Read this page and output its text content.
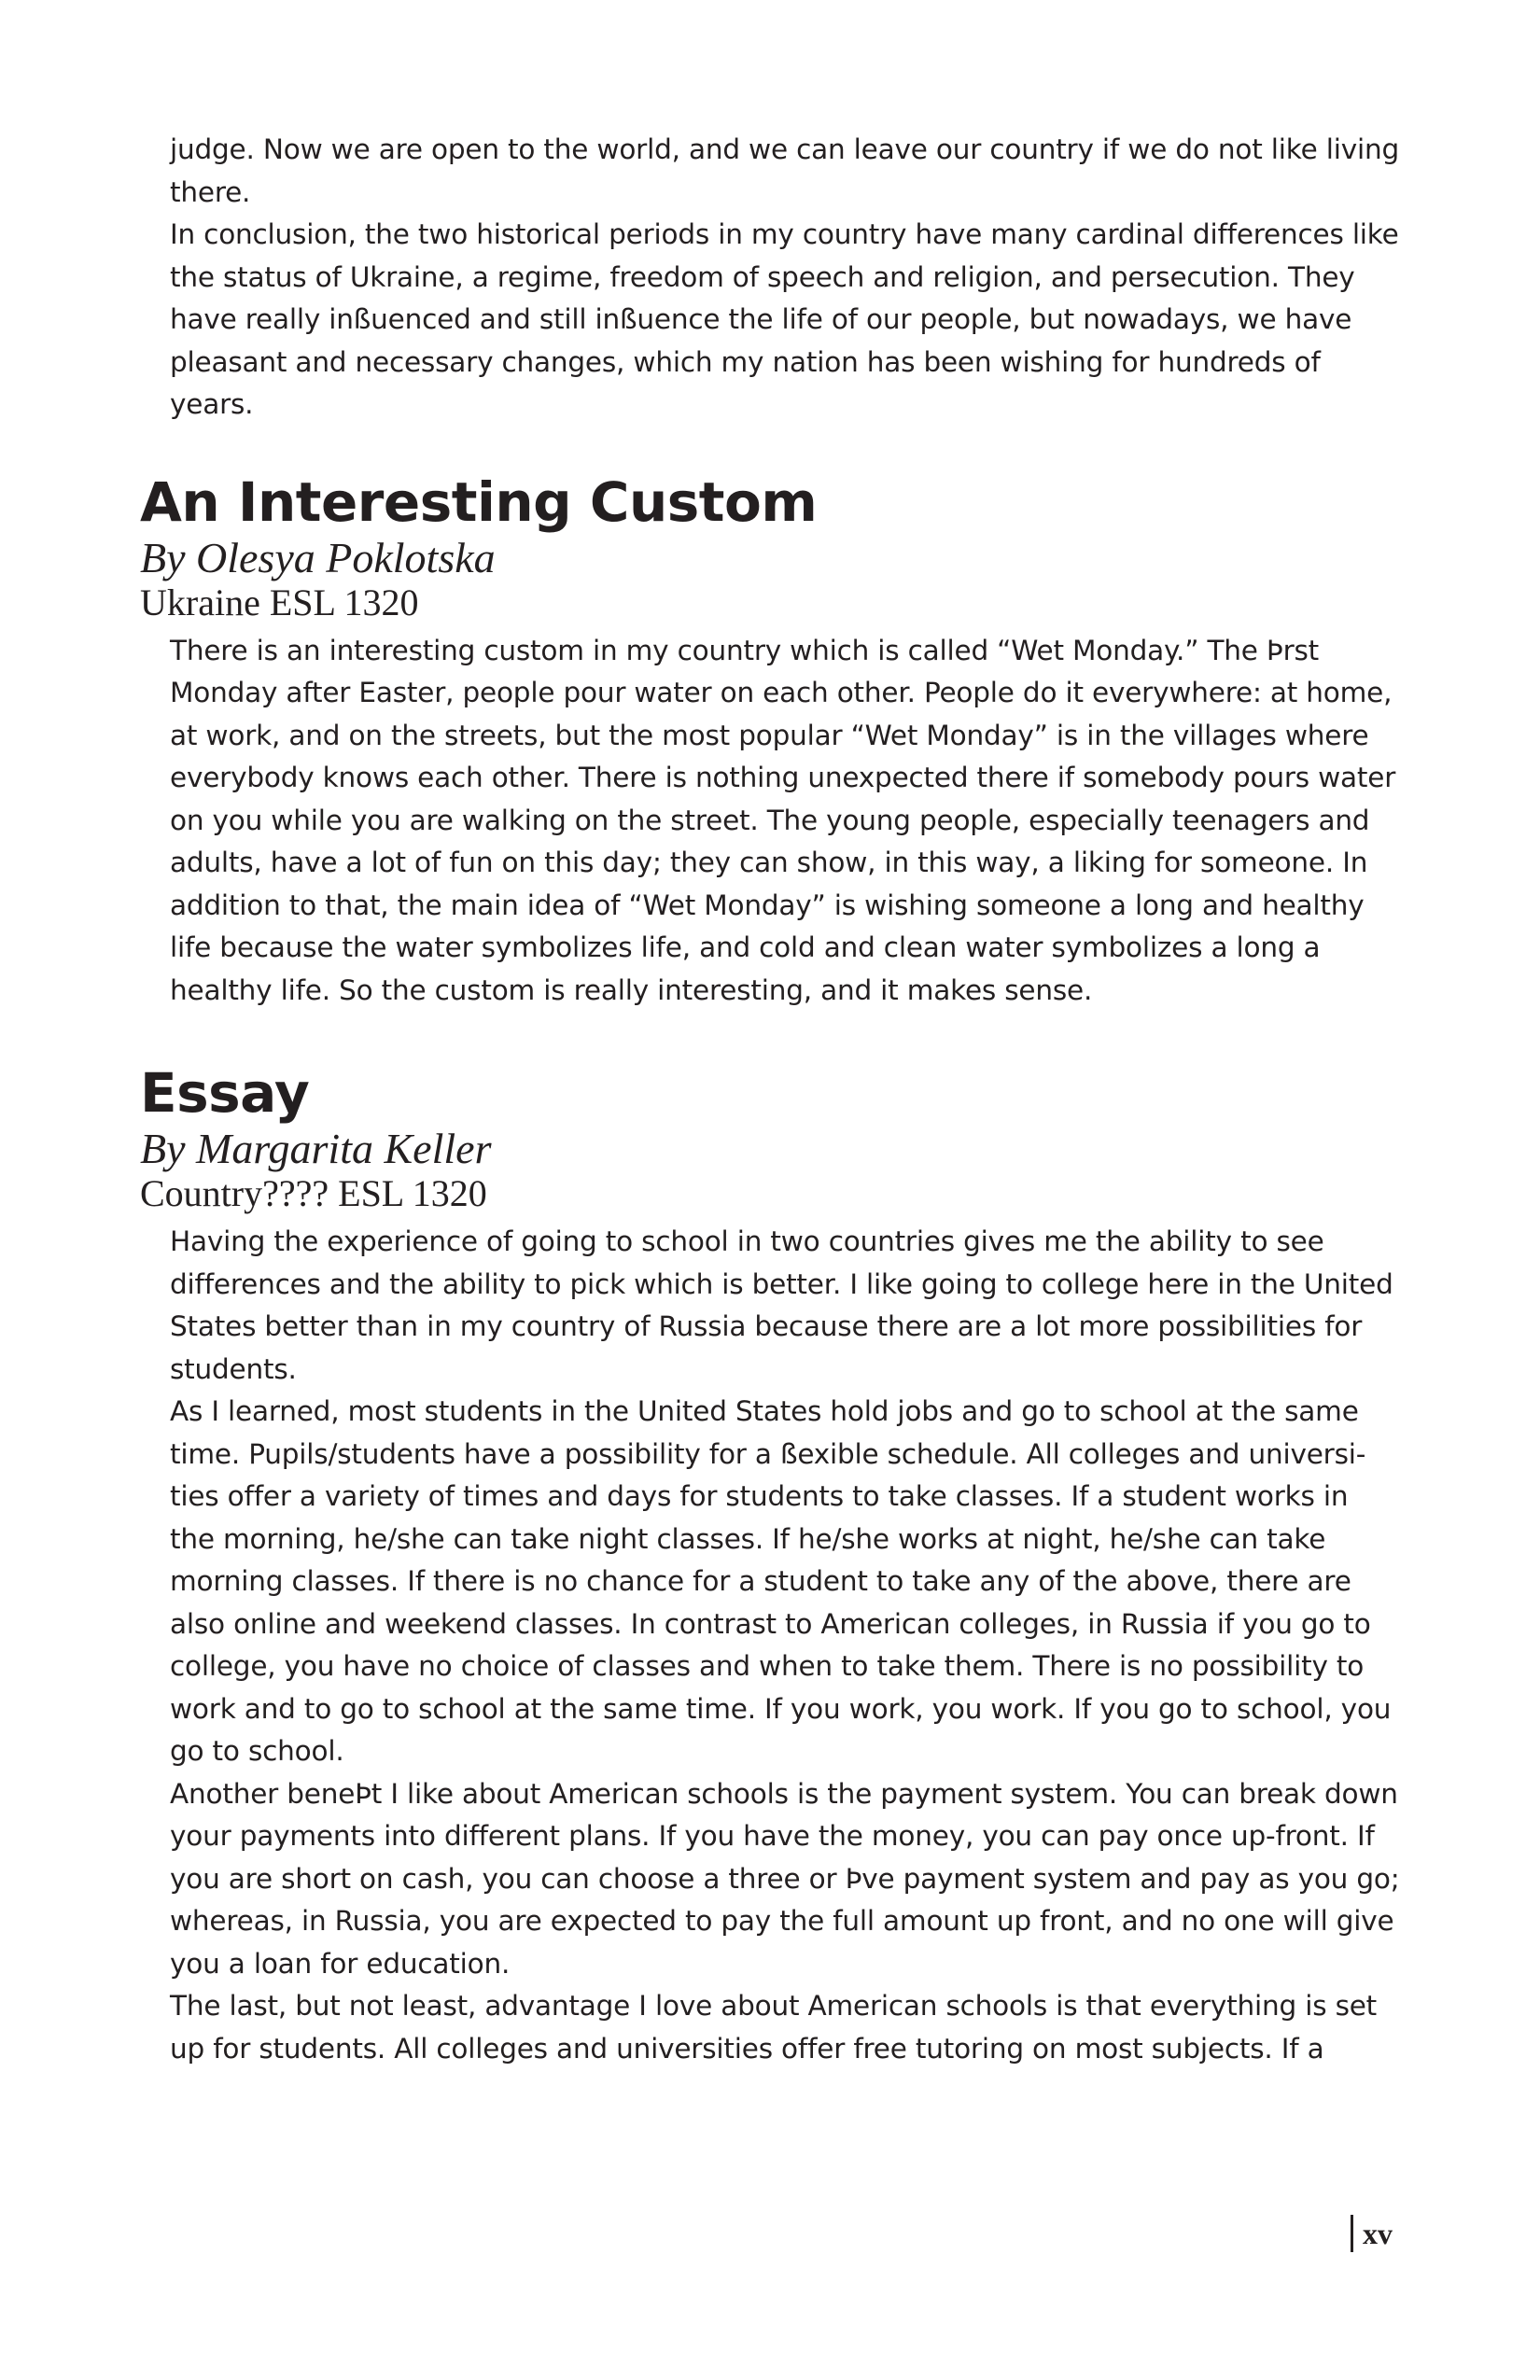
judge. Now we are open to the world, and we can leave our country if we do not like living there.

In conclusion, the two historical periods in my country have many cardinal differences like the status of Ukraine, a regime, freedom of speech and religion, and persecution. They have really inßuenced and still inßuence the life of our people, but nowadays, we have pleasant and necessary changes, which my nation has been wishing for hundreds of years.

An Interesting Custom
By Olesya Poklotska
Ukraine ESL 1320

There is an interesting custom in my country which is called “Wet Monday.” The Þrst Monday after Easter, people pour water on each other. People do it everywhere: at home, at work, and on the streets, but the most popular “Wet Monday” is in the villages where everybody knows each other. There is nothing unexpected there if somebody pours water on you while you are walking on the street. The young people, especially teenagers and adults, have a lot of fun on this day; they can show, in this way, a liking for someone. In addition to that, the main idea of “Wet Monday” is wishing someone a long and healthy life because the water symbolizes life, and cold and clean water symbolizes a long a healthy life. So the custom is really interesting, and it makes sense.

Essay
By Margarita Keller
Country???? ESL 1320

Having the experience of going to school in two countries gives me the ability to see differences and the ability to pick which is better. I like going to college here in the United States better than in my country of Russia because there are a lot more possibilities for students.

As I learned, most students in the United States hold jobs and go to school at the same time. Pupils/students have a possibility for a ßexible schedule. All colleges and universi-ties offer a variety of times and days for students to take classes. If a student works in the morning, he/she can take night classes. If he/she works at night, he/she can take morning classes. If there is no chance for a student to take any of the above, there are also online and weekend classes. In contrast to American colleges, in Russia if you go to college, you have no choice of classes and when to take them. There is no possibility to work and to go to school at the same time. If you work, you work. If you go to school, you go to school.

Another beneÞt I like about American schools is the payment system. You can break down your payments into different plans. If you have the money, you can pay once up-front. If you are short on cash, you can choose a three or Þve payment system and pay as you go; whereas, in Russia, you are expected to pay the full amount up front, and no one will give you a loan for education.

The last, but not least, advantage I love about American schools is that everything is set up for students. All colleges and universities offer free tutoring on most subjects. If a

xv
